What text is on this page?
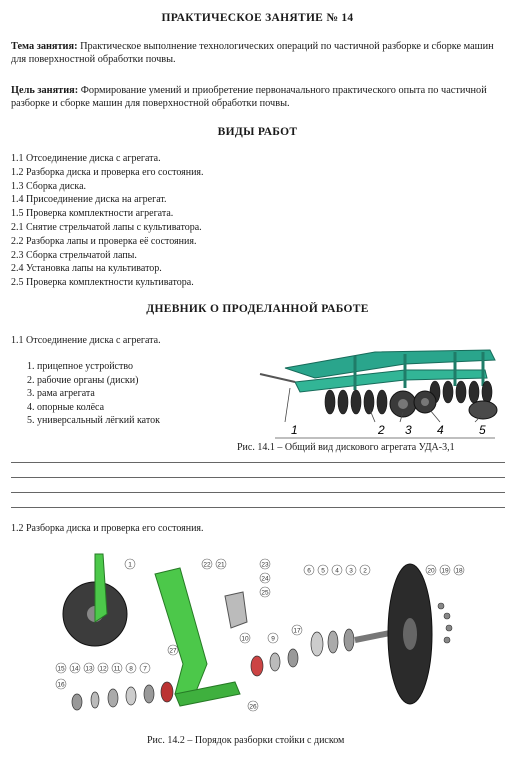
ПРАКТИЧЕСКОЕ ЗАНЯТИЕ № 14
Тема занятия: Практическое выполнение технологических операций по частичной разборке и сборке машин для поверхностной обработки почвы.
Цель занятия: Формирование умений и приобретение первоначального практического опыта по частичной разборке и сборке машин для поверхностной обработки почвы.
ВИДЫ РАБОТ
1.1 Отсоединение диска с агрегата.
1.2 Разборка диска и проверка его состояния.
1.3 Сборка диска.
1.4 Присоединение диска на агрегат.
1.5 Проверка комплектности агрегата.
2.1 Снятие стрельчатой лапы с культиватора.
2.2 Разборка лапы и проверка её состояния.
2.3 Сборка стрельчатой лапы.
2.4 Установка лапы на культиватор.
2.5 Проверка комплектности культиватора.
ДНЕВНИК О ПРОДЕЛАННОЙ РАБОТЕ
1.1 Отсоединение диска с агрегата.
1. прицепное устройство
2. рабочие органы (диски)
3. рама агрегата
4. опорные колёса
5. универсальный лёгкий каток
1	2 3 4	5
Рис. 14.1 – Общий вид дискового агрегата УДА-3,1
1.2 Разборка диска и проверка его состояния.
1
2
3
4
5
6
7
8
9
10
11
12
13
14
15
16
17
18
19
20
21
22	23
24
25
26
27
Рис. 14.2 – Порядок разборки стойки с диском
